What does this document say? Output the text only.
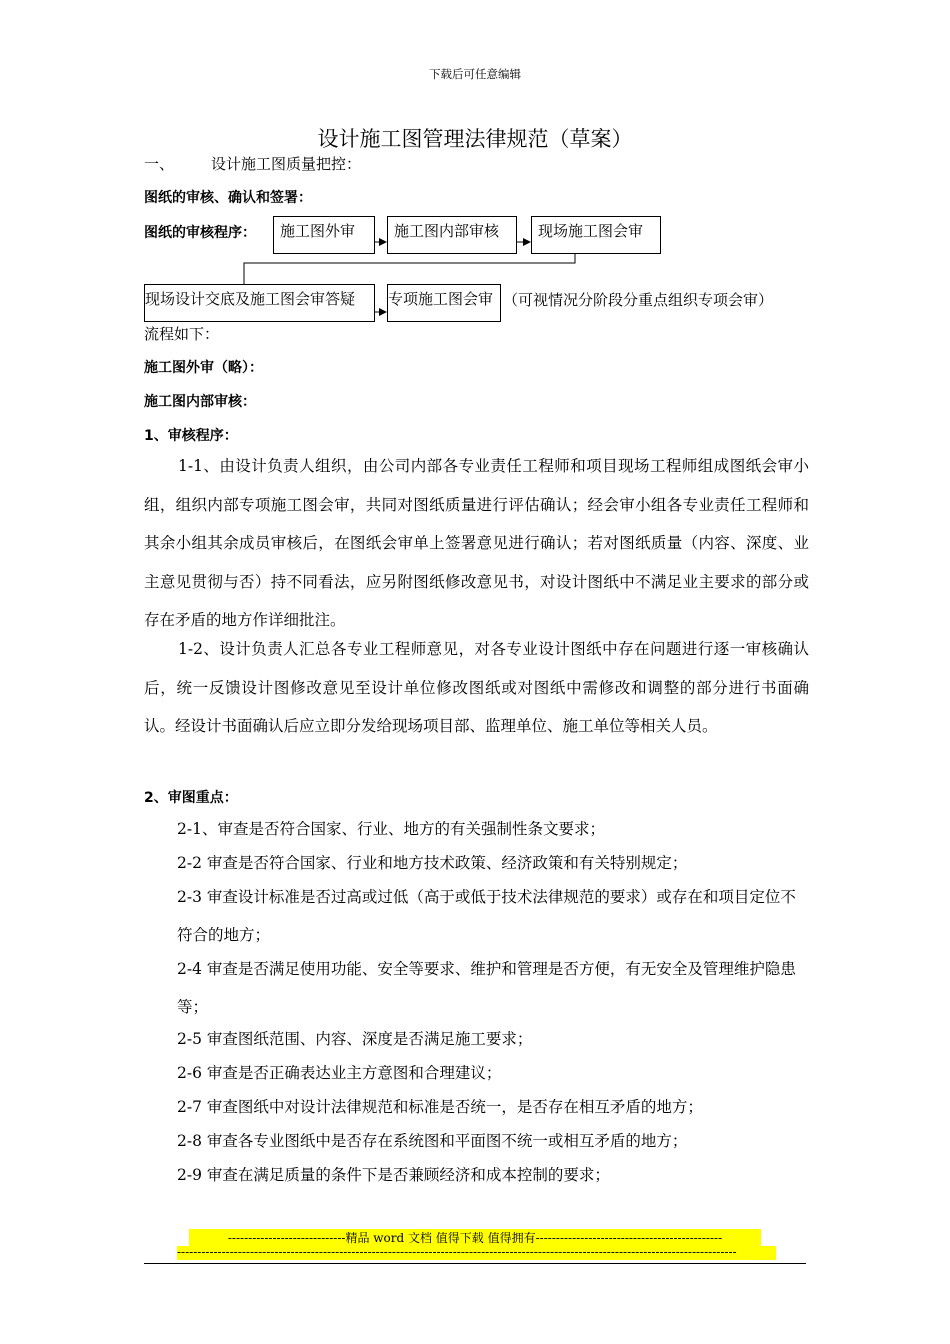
下载后可任意编辑
设计施工图管理法律规范（草案）
一、 设计施工图质量把控：
图纸的审核、确认和签署：
图纸的审核程序：	施工图外审	施工图内部审核	现场施工图会审
现场设计交底及施工图会审答疑	专项施工图会审 （可视情况分阶段分重点组织专项会审）
流程如下：
施工图外审（略）：
施工图内部审核：
1、审核程序：
1-1、由设计负责人组织，由公司内部各专业责任工程师和项目现场工程师组成图纸会审小组，组织内部专项施工图会审，共同对图纸质量进行评估确认；经会审小组各专业责任工程师和其余小组其余成员审核后，在图纸会审单上签署意见进行确认；若对图纸质量（内容、深度、业主意见贯彻与否）持不同看法，应另附图纸修改意见书，对设计图纸中不满足业主要求的部分或存在矛盾的地方作详细批注。
1-2、设计负责人汇总各专业工程师意见，对各专业设计图纸中存在问题进行逐一审核确认后，统一反馈设计图修改意见至设计单位修改图纸或对图纸中需修改和调整的部分进行书面确认。经设计书面确认后应立即分发给现场项目部、监理单位、施工单位等相关人员。
2、审图重点：
2-1、审查是否符合国家、行业、地方的有关强制性条文要求；
2-2 审查是否符合国家、行业和地方技术政策、经济政策和有关特别规定；
2-3 审查设计标准是否过高或过低（高于或低于技术法律规范的要求）或存在和项目定位不符合的地方；
2-4 审查是否满足使用功能、安全等要求、维护和管理是否方便，有无安全及管理维护隐患等；
2-5 审查图纸范围、内容、深度是否满足施工要求；
2-6 审查是否正确表达业主方意图和合理建议；
2-7 审查图纸中对设计法律规范和标准是否统一，是否存在相互矛盾的地方；
2-8 审查各专业图纸中是否存在系统图和平面图不统一或相互矛盾的地方；
2-9 审查在满足质量的条件下是否兼顾经济和成本控制的要求；
-----------------------------精品 word 文档 值得下载 值得拥有----------------------------------------------
------------------------------------------------------------------------------------------------------------------------------------------
